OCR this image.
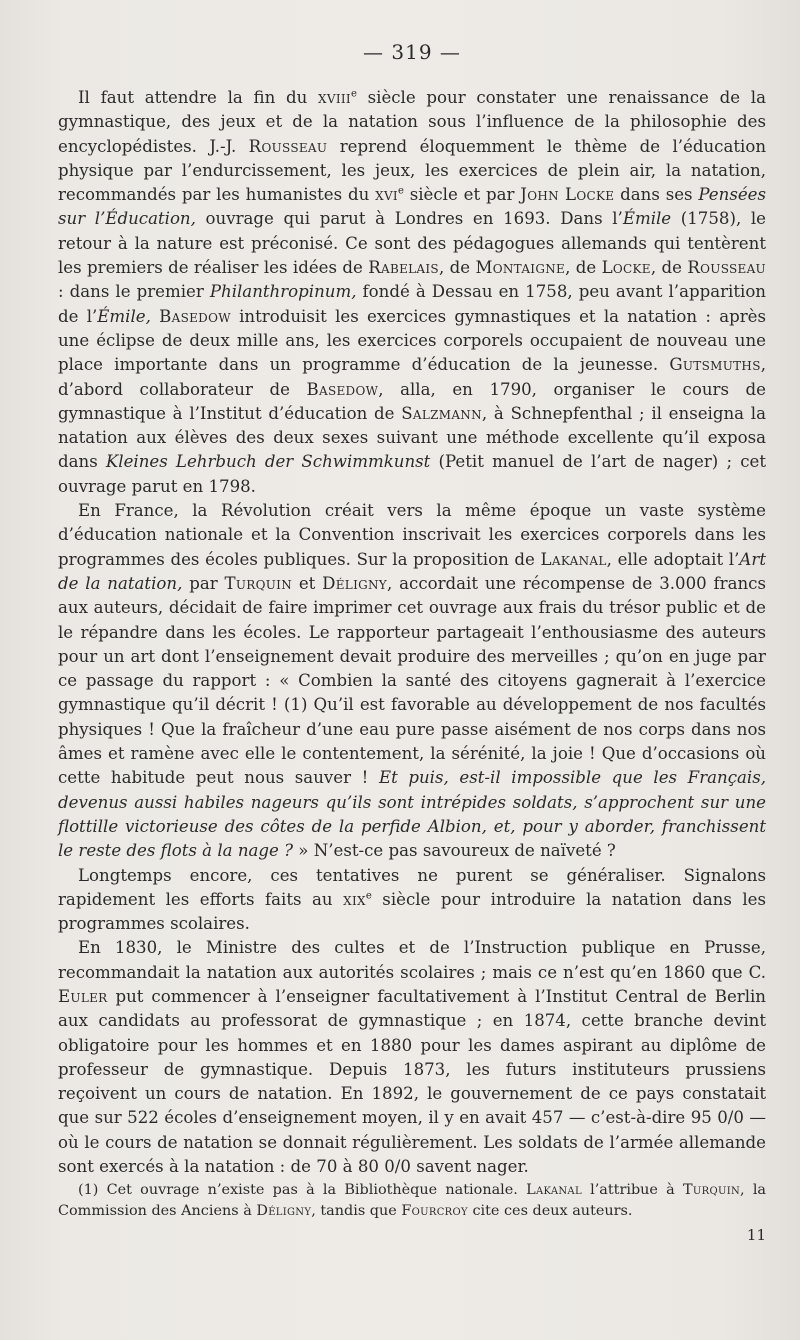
— 319 —

Il faut attendre la fin du xviii$^e$ siècle pour constater une renaissance de la gymnastique, des jeux et de la natation sous l’influence de la philosophie des encyclopédistes. J.-J. Rousseau reprend éloquemment le thème de l’éducation physique par l’endurcissement, les jeux, les exercices de plein air, la natation, recommandés par les humanistes du xvi$^e$ siècle et par John Locke dans ses Pensées sur l’Éducation, ouvrage qui parut à Londres en 1693. Dans l’Émile (1758), le retour à la nature est préconisé. Ce sont des pédagogues allemands qui tentèrent les premiers de réaliser les idées de Rabelais, de Montaigne, de Locke, de Rousseau : dans le premier Philanthropinum, fondé à Dessau en 1758, peu avant l’apparition de l’Émile, Basedow introduisit les exercices gymnastiques et la natation : après une éclipse de deux mille ans, les exercices corporels occupaient de nouveau une place importante dans un programme d’éducation de la jeunesse. Gutsmuths, d’abord collaborateur de Basedow, alla, en 1790, organiser le cours de gymnastique à l’Institut d’éducation de Salzmann, à Schnepfenthal ; il enseigna la natation aux élèves des deux sexes suivant une méthode excellente qu’il exposa dans Kleines Lehrbuch der Schwimmkunst (Petit manuel de l’art de nager) ; cet ouvrage parut en 1798.

En France, la Révolution créait vers la même époque un vaste système d’éducation nationale et la Convention inscrivait les exercices corporels dans les programmes des écoles publiques. Sur la proposition de Lakanal, elle adoptait l’Art de la natation, par Turquin et Déligny, accordait une récompense de 3.000 francs aux auteurs, décidait de faire imprimer cet ouvrage aux frais du trésor public et de le répandre dans les écoles. Le rapporteur partageait l’enthousiasme des auteurs pour un art dont l’enseignement devait produire des merveilles ; qu’on en juge par ce passage du rapport : « Combien la santé des citoyens gagnerait à l’exercice gymnastique qu’il décrit ! (1) Qu’il est favorable au développement de nos facultés physiques ! Que la fraîcheur d’une eau pure passe aisément de nos corps dans nos âmes et ramène avec elle le contentement, la sérénité, la joie ! Que d’occasions où cette habitude peut nous sauver ! Et puis, est-il impossible que les Français, devenus aussi habiles nageurs qu’ils sont intrépides soldats, s’approchent sur une flottille victorieuse des côtes de la perfide Albion, et, pour y aborder, franchissent le reste des flots à la nage ? » N’est-ce pas savoureux de naïveté ?

Longtemps encore, ces tentatives ne purent se généraliser. Signalons rapidement les efforts faits au xix$^e$ siècle pour introduire la natation dans les programmes scolaires.

En 1830, le Ministre des cultes et de l’Instruction publique en Prusse, recommandait la natation aux autorités scolaires ; mais ce n’est qu’en 1860 que C. Euler put commencer à l’enseigner facultativement à l’Institut Central de Berlin aux candidats au professorat de gymnastique ; en 1874, cette branche devint obligatoire pour les hommes et en 1880 pour les dames aspirant au diplôme de professeur de gymnastique. Depuis 1873, les futurs instituteurs prussiens reçoivent un cours de natation. En 1892, le gouvernement de ce pays constatait que sur 522 écoles d’enseignement moyen, il y en avait 457 — c’est-à-dire 95 0/0 — où le cours de natation se donnait régulièrement. Les soldats de l’armée allemande sont exercés à la natation : de 70 à 80 0/0 savent nager.

(1) Cet ouvrage n’existe pas à la Bibliothèque nationale. Lakanal l’attribue à Turquin, la Commission des Anciens à Déligny, tandis que Fourcroy cite ces deux auteurs.

11
